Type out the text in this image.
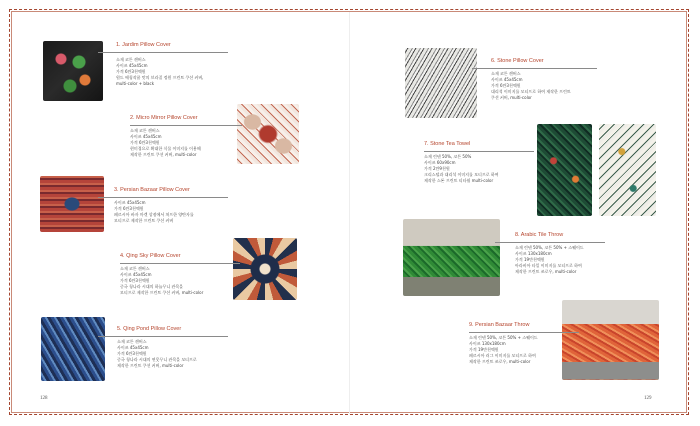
1. Jardim Pillow Cover
소재 코튼 캔버스
사이즈 45x45cm
가격 6만3천엑원
원드 에칭작품 맛의 브라질 정원 프린트 쿠션 커버,
multi-color + black
2. Micro Mirror Pillow Cover
소재 코튼 캔버스
사이즈 45x45cm
가격 6만3천엑원
현미경으로 확대한 식물 이미지를 이용해
제작한 프린트 쿠션 커버, multi-color
3. Persian Bazaar Pillow Cover
사이즈 45x45cm
가격 6만3천엑원
페르시아 바자 마켓 상점에서 처프한 양탄자를
모티프로 제작한 프린트 쿠션 커버
4. Qing Sky Pillow Cover
소재 코튼 캔버스
사이즈 45x45cm
가격 6만3천엑원
중국 청나라 시대의 하늘무니 관목을
모티프로 제작한 프린트 쿠션 커버, multi-color
5. Qing Pond Pillow Cover
소재 코튼 캔버스
사이즈 45x45cm
가격 6만3천엑원
중국 청나라 시대의 연못무니 관목을 모티프로
제작한 프린트 쿠션 커버, multi-color
128
6. Stone Pillow Cover
소재 코튼 캔버스
사이즈 45x45cm
가격 6만3천엑원
대리석 이미지를 모티프로 하여 제작한 프린트
쿠션 커버, multi-color
7. Stone Tea Towel
소재 린넨 50%, 코튼 50%
사이즈 60x90cm
가격 2만9천원
크리스털과 대리석 이미지를 모티프로 하여
제작한 스톤 프린트 티타월 multi-color
8. Arabic Tile Throw
소재 린넨 50%, 코튼 50% + 스웨이드
사이즈 130x180cm
가격 19만천엑원
아라비아 타일 이미지를 모티프로 하여
제작한 프린트 쓰로우, multi-color
9. Persian Bazaar Throw
소재 린넨 50%, 코튼 50% + 스웨이드
사이즈 130x180cm
가격 19만천엑원
페르시아 러그 이미지를 모티프로 하여
제작한 프린트 쓰로우, multi-color
129
